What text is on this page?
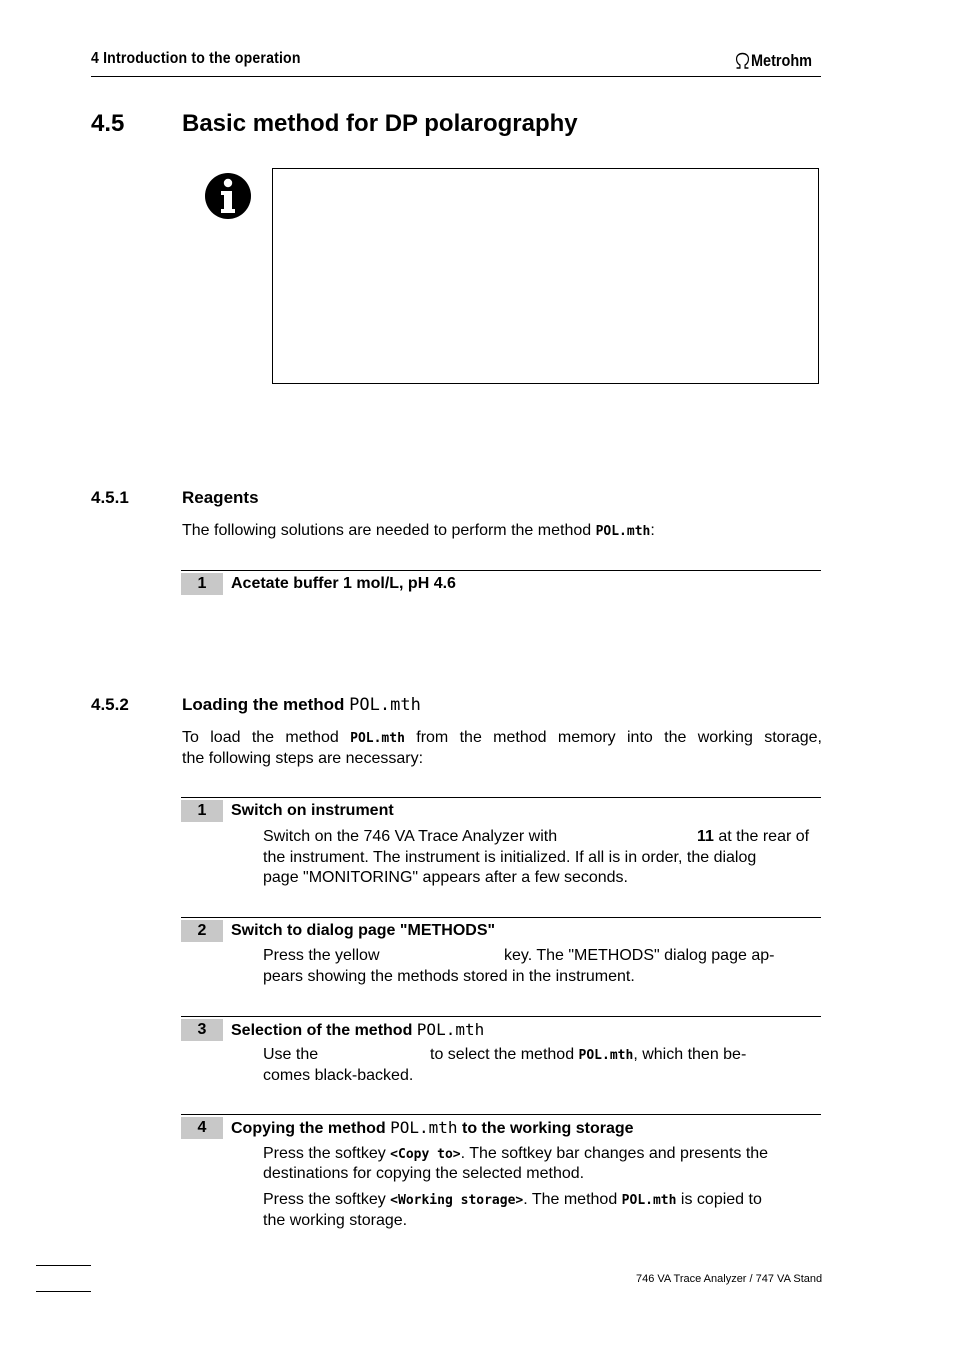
4 Introduction to the operation	Metrohm
4.5 Basic method for DP polarography
4.5.1	Reagents
The following solutions are needed to perform the method POL.mth:
1	Acetate buffer 1 mol/L, pH 4.6
4.5.2	Loading the method POL.mth
To load the method POL.mth from the method memory into the working storage,
the following steps are necessary:
1	Switch on instrument
Switch on the 746 VA Trace Analyzer with	11 at the rear of
the instrument. The instrument is initialized. If all is in order, the dialog
page "MONITORING" appears after a few seconds.
2	Switch to dialog page "METHODS"
Press the yellow	key. The "METHODS" dialog page ap-
pears showing the methods stored in the instrument.
3	Selection of the method POL.mth
Use the	to select the method POL.mth, which then be-
comes black-backed.
4	Copying the method POL.mth to the working storage
Press the softkey <Copy to>. The softkey bar changes and presents the
destinations for copying the selected method.
Press the softkey <Working storage>. The method POL.mth is copied to
the working storage.
746 VA Trace Analyzer / 747 VA Stand
